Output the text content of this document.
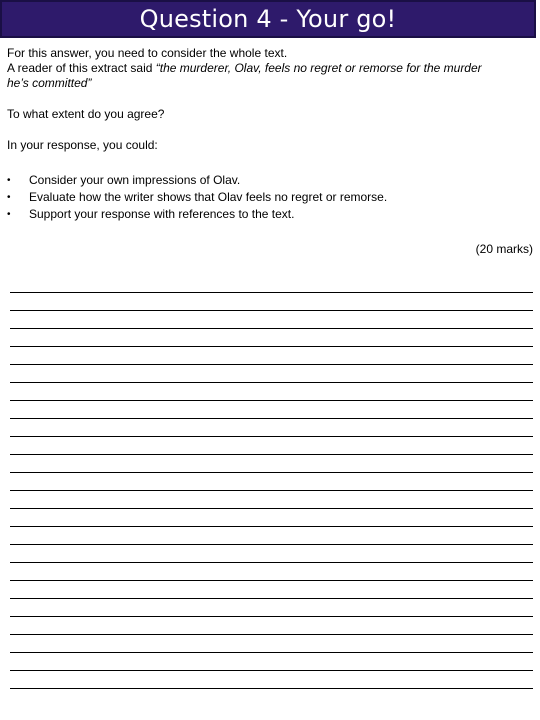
Question 4 - Your go!

For this answer, you need to consider the whole text.

A reader of this extract said “the murderer, Olav, feels no regret or remorse for the murder

he’s committed”

To what extent do you agree?

In your response, you could:

• Consider your own impressions of Olav.
• Evaluate how the writer shows that Olav feels no regret or remorse.
• Support your response with references to the text.
(20 marks)
